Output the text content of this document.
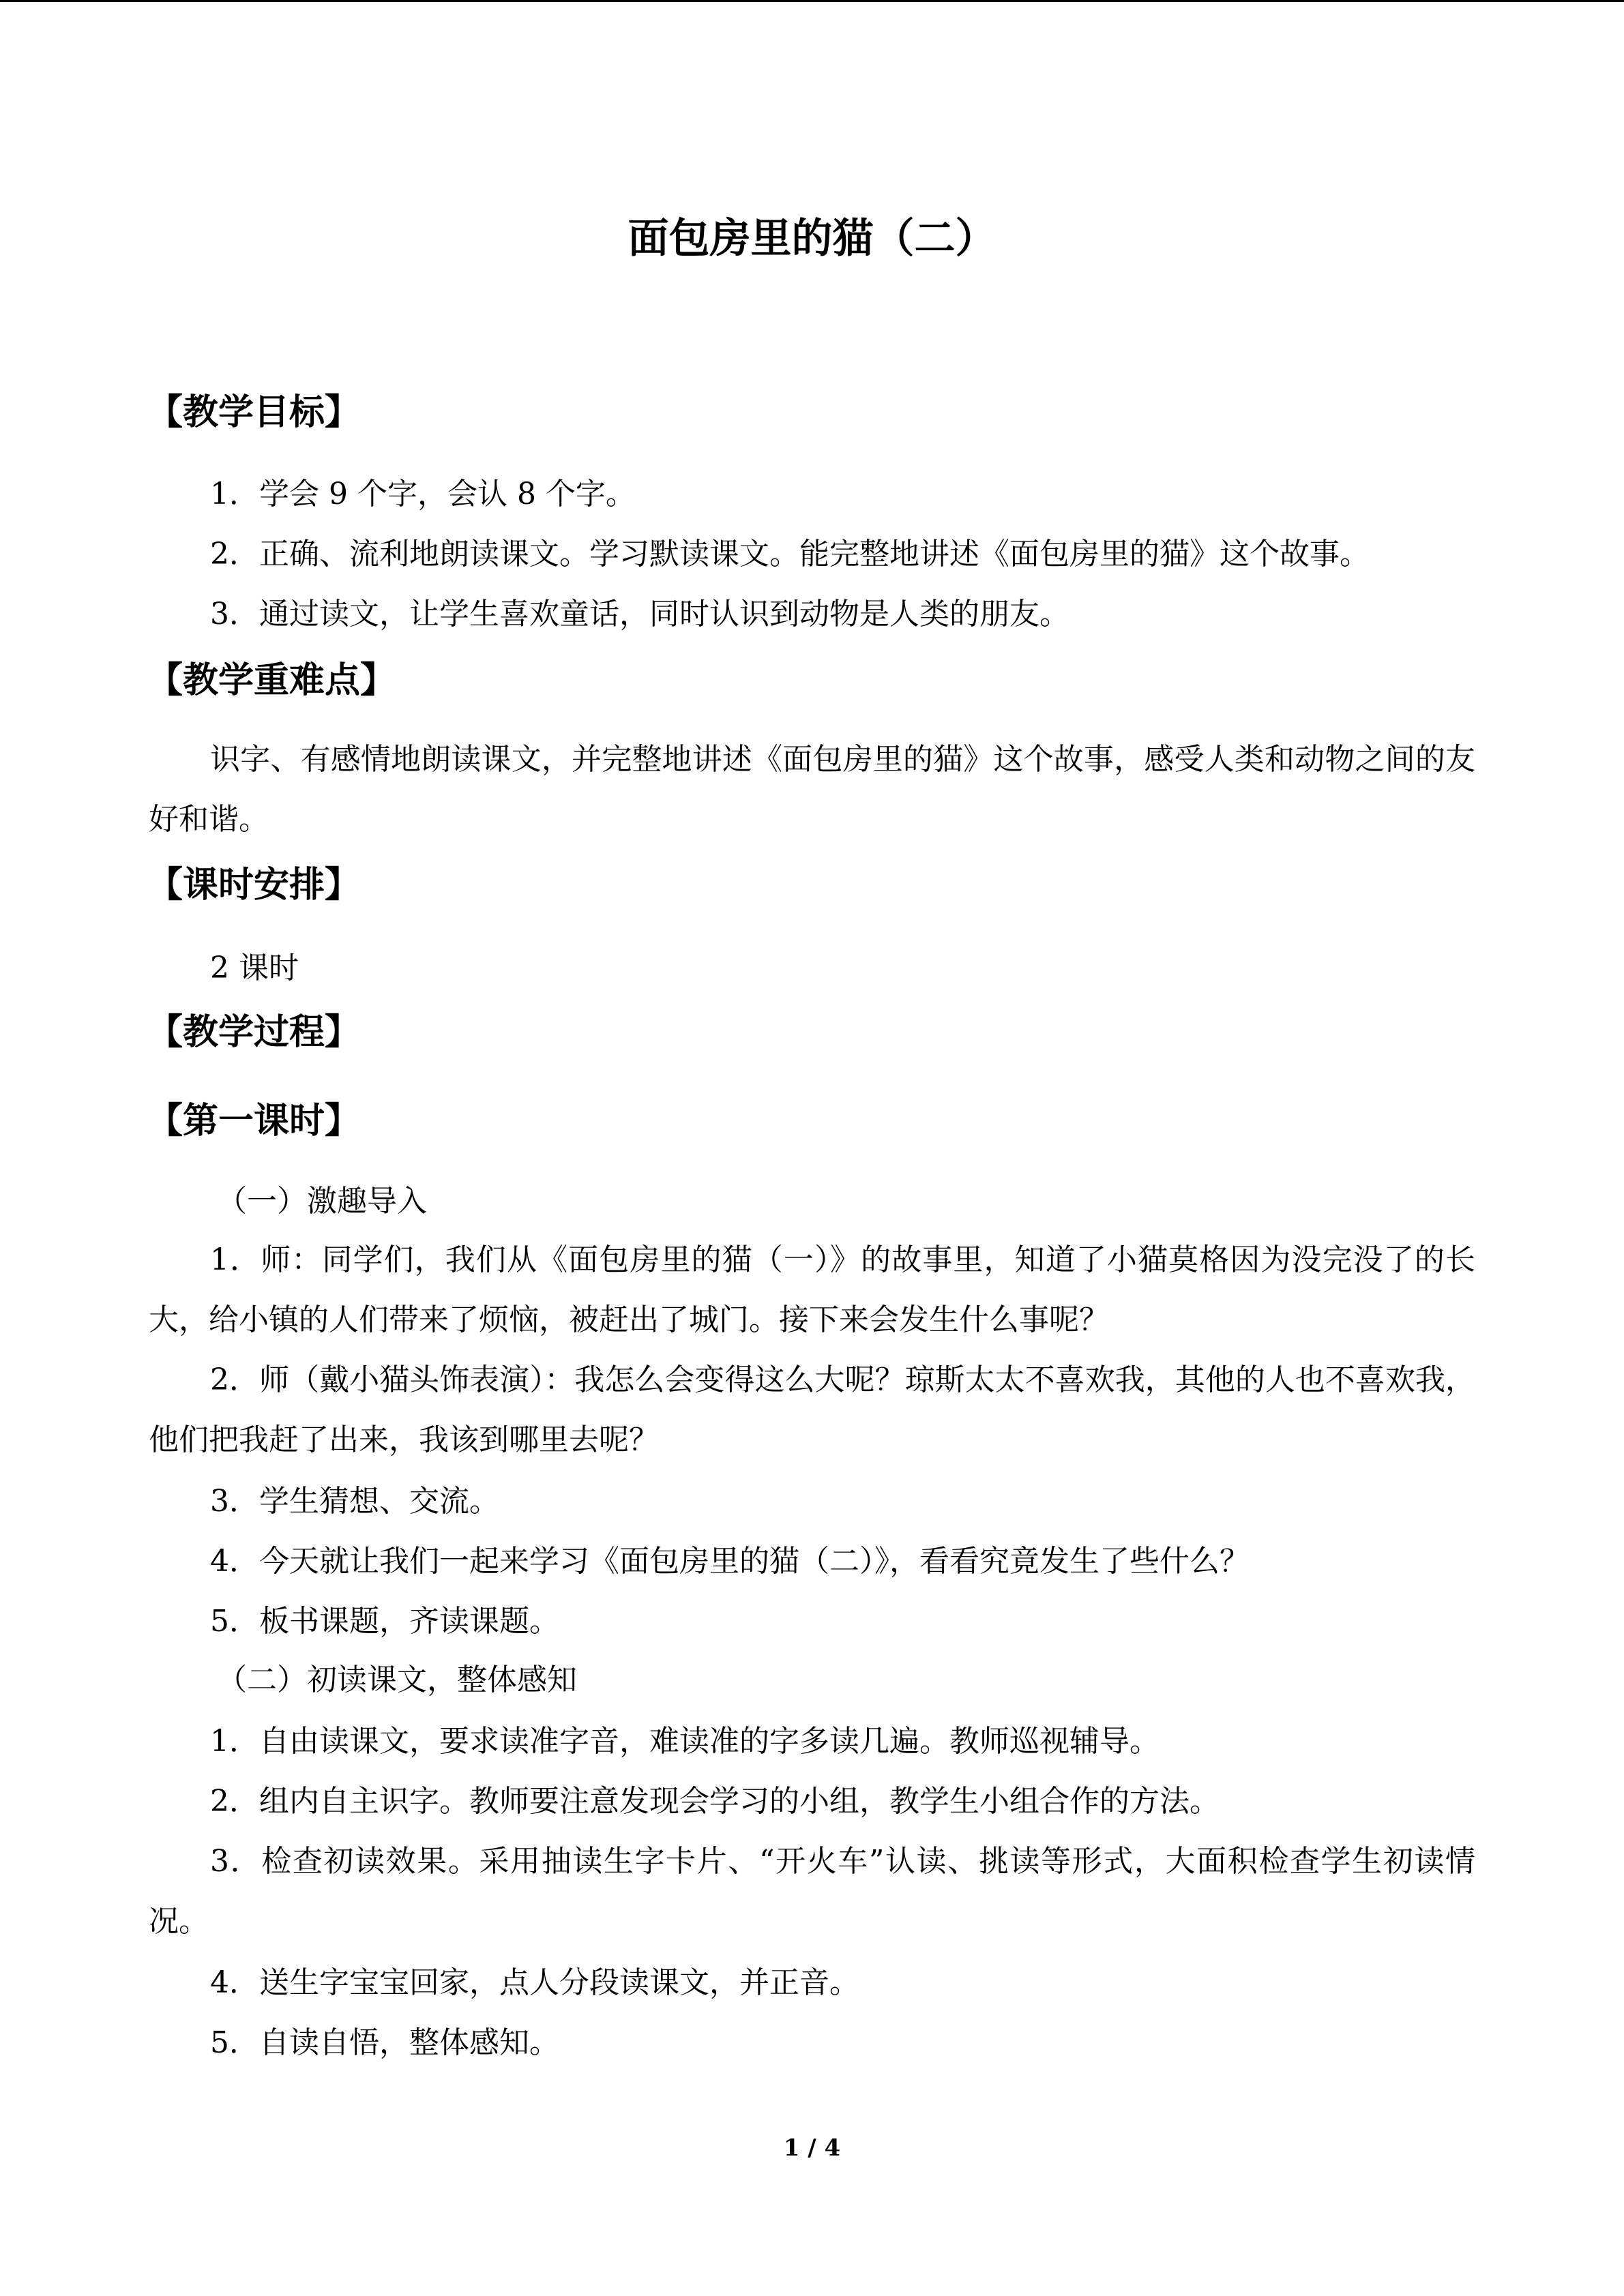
面包房里的猫（二）
【教学目标】

1．学会 9 个字，会认 8 个字。

2．正确、流利地朗读课文。学习默读课文。能完整地讲述《面包房里的猫》这个故事。

3．通过读文，让学生喜欢童话，同时认识到动物是人类的朋友。

【教学重难点】

识字、有感情地朗读课文，并完整地讲述《面包房里的猫》这个故事，感受人类和动物之间的友好和谐。

【课时安排】

2 课时

【教学过程】
【第一课时】

（一）激趣导入

1．师：同学们，我们从《面包房里的猫（一）》的故事里，知道了小猫莫格因为没完没了的长大，给小镇的人们带来了烦恼，被赶出了城门。接下来会发生什么事呢？

2．师（戴小猫头饰表演）：我怎么会变得这么大呢？琼斯太太不喜欢我，其他的人也不喜欢我，他们把我赶了出来，我该到哪里去呢？

3．学生猜想、交流。

4．今天就让我们一起来学习《面包房里的猫（二）》，看看究竟发生了些什么？

5．板书课题，齐读课题。

（二）初读课文，整体感知

1．自由读课文，要求读准字音，难读准的字多读几遍。教师巡视辅导。

2．组内自主识字。教师要注意发现会学习的小组，教学生小组合作的方法。

3．检查初读效果。采用抽读生字卡片、“开火车”认读、挑读等形式，大面积检查学生初读情况。

4．送生字宝宝回家，点人分段读课文，并正音。

5．自读自悟，整体感知。

1 / 4
